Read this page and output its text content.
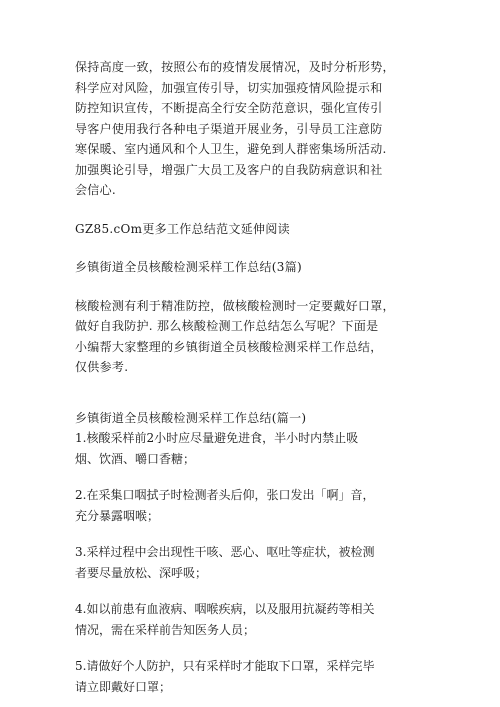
保持高度一致，按照公布的疫情发展情况，及时分析形势，
科学应对风险，加强宣传引导，切实加强疫情风险提示和
防控知识宣传，不断提高全行安全防范意识，强化宣传引
导客户使用我行各种电子渠道开展业务，引导员工注意防
寒保暖、室内通风和个人卫生，避免到人群密集场所活动.
加强舆论引导，增强广大员工及客户的自我防病意识和社
会信心.

GZ85.cOm更多工作总结范文延伸阅读

乡镇街道全员核酸检测采样工作总结(3篇)

核酸检测有利于精准防控，做核酸检测时一定要戴好口罩，
做好自我防护. 那么核酸检测工作总结怎么写呢？下面是
小编帮大家整理的乡镇街道全员核酸检测采样工作总结，
仅供参考.

乡镇街道全员核酸检测采样工作总结(篇一)

1.核酸采样前2小时应尽量避免进食，半小时内禁止吸
烟、饮酒、嚼口香糖；
2.在采集口咽拭子时检测者头后仰，张口发出「啊」音，
充分暴露咽喉；
3.采样过程中会出现性干咳、恶心、呕吐等症状，被检测
者要尽量放松、深呼吸；
4.如以前患有血液病、咽喉疾病，以及服用抗凝药等相关
情况，需在采样前告知医务人员；
5.请做好个人防护，只有采样时才能取下口罩，采样完毕
请立即戴好口罩；
